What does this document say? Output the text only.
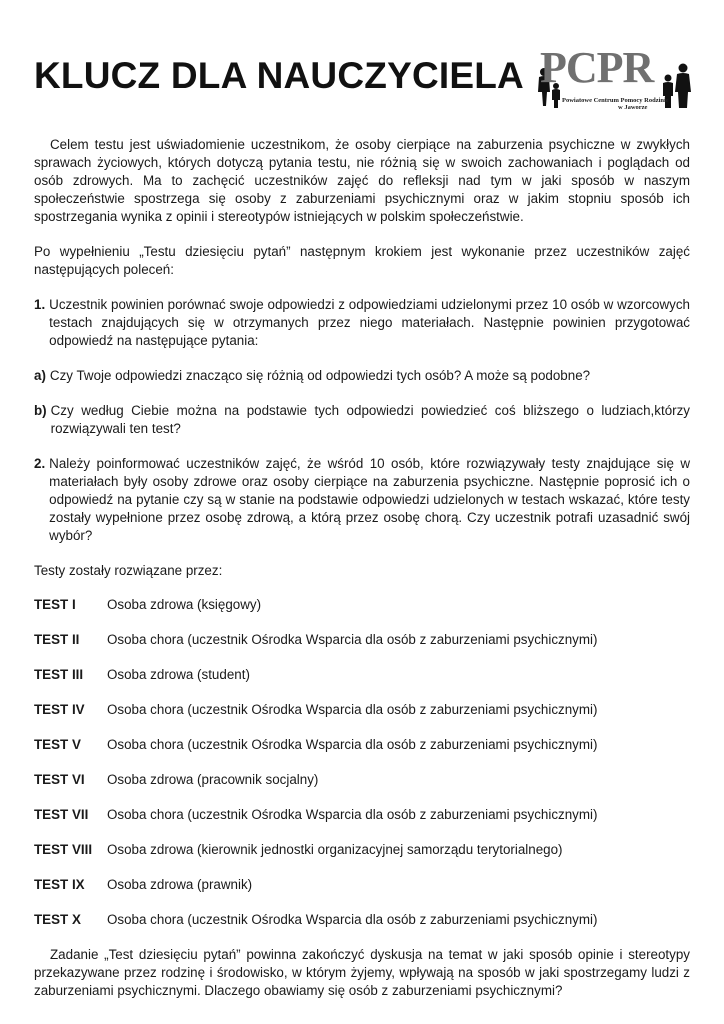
KLUCZ DLA NAUCZYCIELA PCPR
Powiatowe Centrum Pomocy Rodzinie
w Jaworze

Celem testu jest uświadomienie uczestnikom, że osoby cierpiące na zaburzenia psychiczne w zwykłych sprawach życiowych, których dotyczą pytania testu, nie różnią się w swoich zachowaniach i poglądach od osób zdrowych. Ma to zachęcić uczestników zajęć do refleksji nad tym w jaki sposób w naszym społeczeństwie spostrzega się osoby z zaburzeniami psychicznymi oraz w jakim stopniu sposób ich spostrzegania wynika z opinii i stereotypów istniejących w polskim społeczeństwie.

Po wypełnieniu „Testu dziesięciu pytań” następnym krokiem jest wykonanie przez uczestników zajęć następujących poleceń:

1. Uczestnik powinien porównać swoje odpowiedzi z odpowiedziami udzielonymi przez 10 osób w wzorcowych testach znajdujących się w otrzymanych przez niego materiałach. Następnie powinien przygotować odpowiedź na następujące pytania:
a) Czy Twoje odpowiedzi znacząco się różnią od odpowiedzi tych osób? A może są podobne?
b) Czy według Ciebie można na podstawie tych odpowiedzi powiedzieć coś bliższego o ludziach,którzy rozwiązywali ten test?
2. Należy poinformować uczestników zajęć, że wśród 10 osób, które rozwiązywały testy znajdujące się w materiałach były osoby zdrowe oraz osoby cierpiące na zaburzenia psychiczne. Następnie poprosić ich o odpowiedź na pytanie czy są w stanie na podstawie odpowiedzi udzielonych w testach wskazać, które testy zostały wypełnione przez osobę zdrową, a którą przez osobę chorą. Czy uczestnik potrafi uzasadnić swój wybór?

Testy zostały rozwiązane przez:

TEST I	Osoba zdrowa (księgowy)
TEST II	Osoba chora (uczestnik Ośrodka Wsparcia dla osób z zaburzeniami psychicznymi)
TEST III	Osoba zdrowa (student)
TEST IV	Osoba chora (uczestnik Ośrodka Wsparcia dla osób z zaburzeniami psychicznymi)
TEST V	Osoba chora (uczestnik Ośrodka Wsparcia dla osób z zaburzeniami psychicznymi)
TEST VI	Osoba zdrowa (pracownik socjalny)
TEST VII	Osoba chora (uczestnik Ośrodka Wsparcia dla osób z zaburzeniami psychicznymi)
TEST VIII	Osoba zdrowa (kierownik jednostki organizacyjnej samorządu terytorialnego)
TEST IX	Osoba zdrowa (prawnik)
TEST X	Osoba chora (uczestnik Ośrodka Wsparcia dla osób z zaburzeniami psychicznymi)

Zadanie „Test dziesięciu pytań” powinna zakończyć dyskusja na temat w jaki sposób opinie i stereotypy przekazywane przez rodzinę i środowisko, w którym żyjemy, wpływają na sposób w jaki spostrzegamy ludzi z zaburzeniami psychicznymi. Dlaczego obawiamy się osób z zaburzeniami psychicznymi?
